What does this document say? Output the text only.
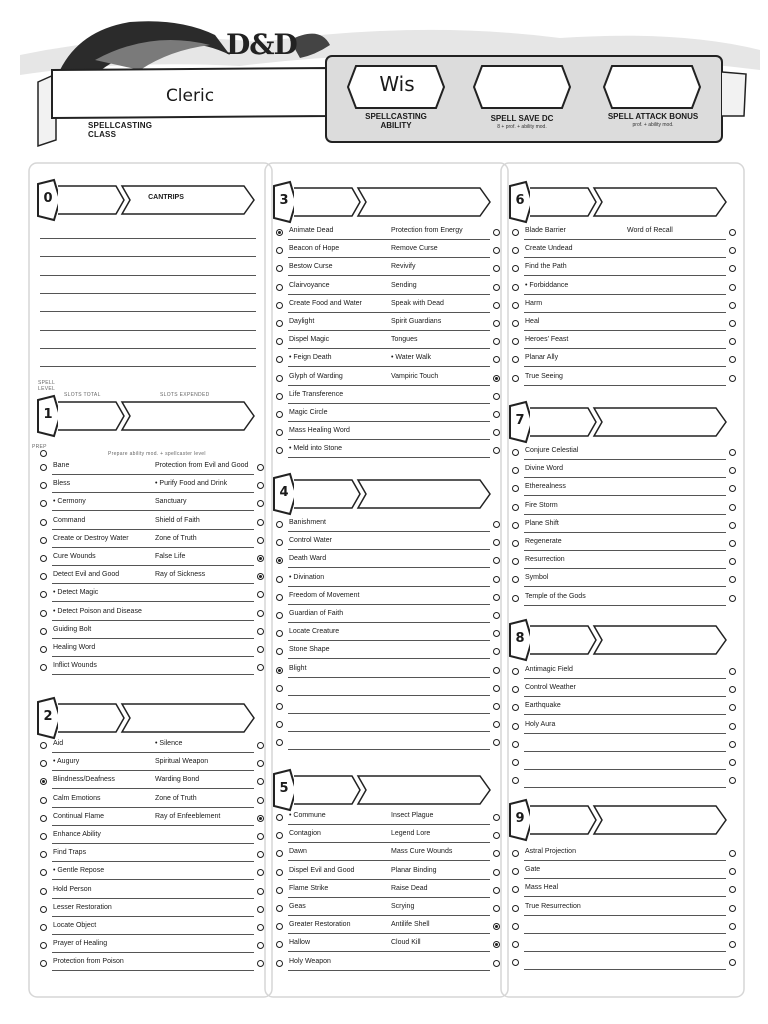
D&D
Cleric
SPELLCASTING
CLASS
Wis
SPELLCASTING
ABILITY
SPELL SAVE DC
8 + prof. + ability mod.
SPELL ATTACK BONUS
prof. + ability mod.
0	CANTRIPS
SPELL LEVEL
1
SLOTS TOTAL	SLOTS EXPENDED
Prepare ability mod. + spellcaster level
PREP
Bane	Protection from Evil and Good
Bless	• Purify Food and Drink
• Cermony	Sanctuary
Command	Shield of Faith
Create or Destroy Water	Zone of Truth
Cure Wounds	False Life
Detect Evil and Good	Ray of Sickness
• Detect Magic
• Detect Poison and Disease
Guiding Bolt
Healing Word
Inflict Wounds
2
Aid	• Silence
• Augury	Spiritual Weapon
Blindness/Deafness	Warding Bond
Calm Emotions	Zone of Truth
Continual Flame	Ray of Enfeeblement
Enhance Ability
Find Traps
• Gentle Repose
Hold Person
Lesser Restoration
Locate Object
Prayer of Healing
Protection from Poison
3
Animate Dead	Protection from Energy
Beacon of Hope	Remove Curse
Bestow Curse	Revivify
Clairvoyance	Sending
Create Food and Water	Speak with Dead
Daylight	Spirit Guardians
Dispel Magic	Tongues
• Feign Death	• Water Walk
Glyph of Warding	Vampiric Touch
Life Transference
Magic Circle
Mass Healing Word
• Meld into Stone
4
Banishment
Control Water
Death Ward
• Divination
Freedom of Movement
Guardian of Faith
Locate Creature
Stone Shape
Blight
5
• Commune	Insect Plague
Contagion	Legend Lore
Dawn	Mass Cure Wounds
Dispel Evil and Good	Planar Binding
Flame Strike	Raise Dead
Geas	Scrying
Greater Restoration	Antilife Shell
Hallow	Cloud Kill
Holy Weapon
6
Blade Barrier	Word of Recall
Create Undead
Find the Path
• Forbiddance
Harm
Heal
Heroes' Feast
Planar Ally
True Seeing
7
Conjure Celestial
Divine Word
Etherealness
Fire Storm
Plane Shift
Regenerate
Resurrection
Symbol
Temple of the Gods
8
Antimagic Field
Control Weather
Earthquake
Holy Aura
9
Astral Projection
Gate
Mass Heal
True Resurrection
